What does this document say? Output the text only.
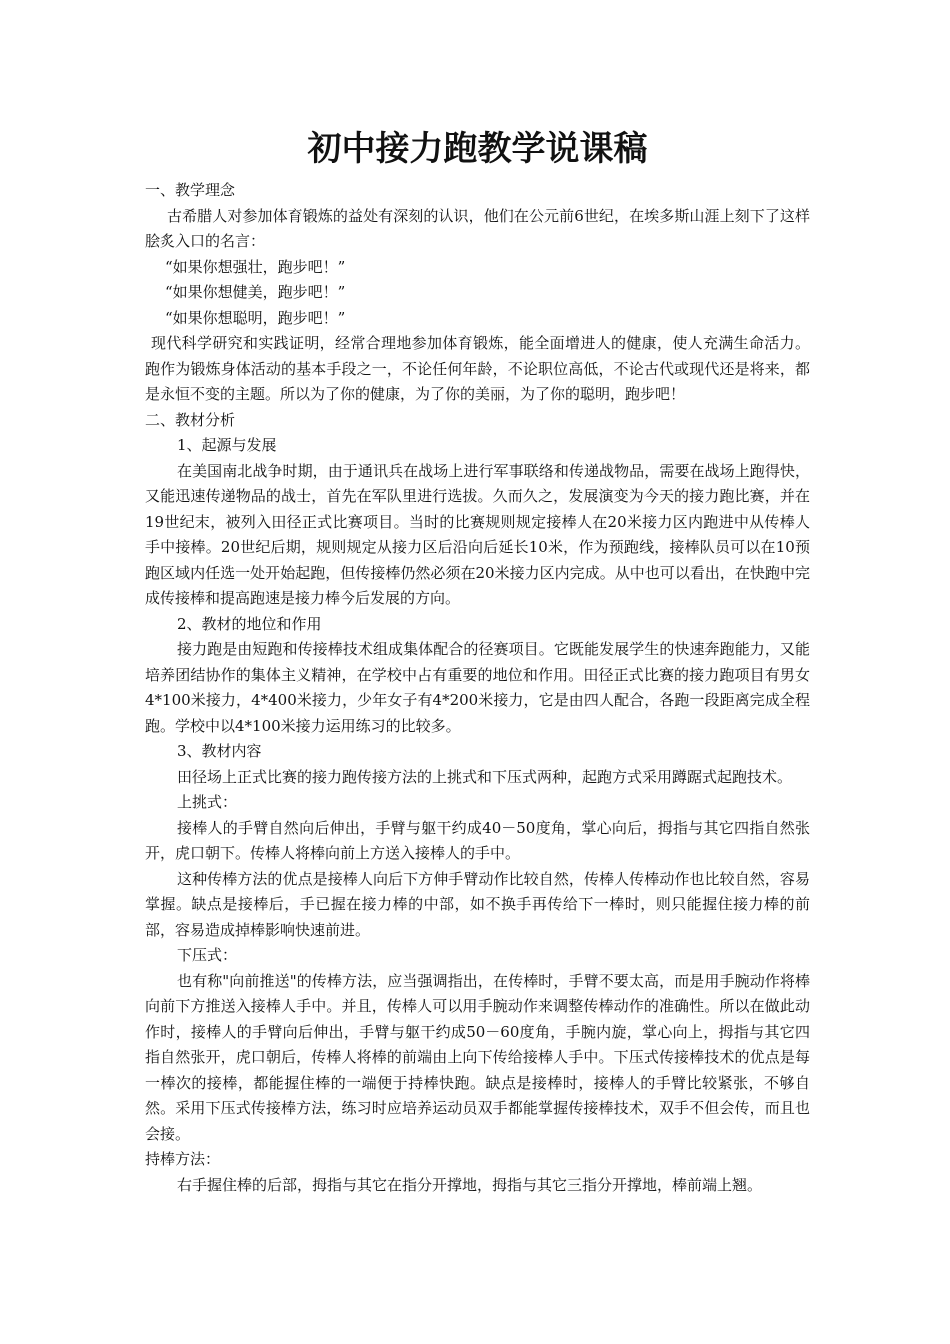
初中接力跑教学说课稿

一、教学理念

古希腊人对参加体育锻炼的益处有深刻的认识，他们在公元前6世纪，在埃多斯山涯上刻下了这样脍炙入口的名言：

“如果你想强壮，跑步吧！”

“如果你想健美，跑步吧！”

“如果你想聪明，跑步吧！”

现代科学研究和实践证明，经常合理地参加体育锻炼，能全面增进人的健康，使人充满生命活力。跑作为锻炼身体活动的基本手段之一，不论任何年龄，不论职位高低，不论古代或现代还是将来，都是永恒不变的主题。所以为了你的健康，为了你的美丽，为了你的聪明，跑步吧！

二、教材分析

1、起源与发展

在美国南北战争时期，由于通讯兵在战场上进行军事联络和传递战物品，需要在战场上跑得快，又能迅速传递物品的战士，首先在军队里进行选拔。久而久之，发展演变为今天的接力跑比赛，并在19世纪末，被列入田径正式比赛项目。当时的比赛规则规定接棒人在20米接力区内跑进中从传棒人手中接棒。20世纪后期，规则规定从接力区后沿向后延长10米，作为预跑线，接棒队员可以在10预跑区域内任选一处开始起跑，但传接棒仍然必须在20米接力区内完成。从中也可以看出，在快跑中完成传接棒和提高跑速是接力棒今后发展的方向。

2、教材的地位和作用

接力跑是由短跑和传接棒技术组成集体配合的径赛项目。它既能发展学生的快速奔跑能力，又能培养团结协作的集体主义精神，在学校中占有重要的地位和作用。田径正式比赛的接力跑项目有男女4*100米接力，4*400米接力，少年女子有4*200米接力，它是由四人配合，各跑一段距离完成全程跑。学校中以4*100米接力运用练习的比较多。

3、教材内容

田径场上正式比赛的接力跑传接方法的上挑式和下压式两种，起跑方式采用蹲踞式起跑技术。

上挑式：

接棒人的手臂自然向后伸出，手臂与躯干约成40－50度角，掌心向后，拇指与其它四指自然张开，虎口朝下。传棒人将棒向前上方送入接棒人的手中。

这种传棒方法的优点是接棒人向后下方伸手臂动作比较自然，传棒人传棒动作也比较自然，容易掌握。缺点是接棒后，手已握在接力棒的中部，如不换手再传给下一棒时，则只能握住接力棒的前部，容易造成掉棒影响快速前进。

下压式：

也有称"向前推送"的传棒方法，应当强调指出，在传棒时，手臂不要太高，而是用手腕动作将棒向前下方推送入接棒人手中。并且，传棒人可以用手腕动作来调整传棒动作的准确性。所以在做此动作时，接棒人的手臂向后伸出，手臂与躯干约成50－60度角，手腕内旋，掌心向上，拇指与其它四指自然张开，虎口朝后，传棒人将棒的前端由上向下传给接棒人手中。下压式传接棒技术的优点是每一棒次的接棒，都能握住棒的一端便于持棒快跑。缺点是接棒时，接棒人的手臂比较紧张，不够自然。采用下压式传接棒方法，练习时应培养运动员双手都能掌握传接棒技术，双手不但会传，而且也会接。

持棒方法：

右手握住棒的后部，拇指与其它在指分开撑地，拇指与其它三指分开撑地，棒前端上翘。
